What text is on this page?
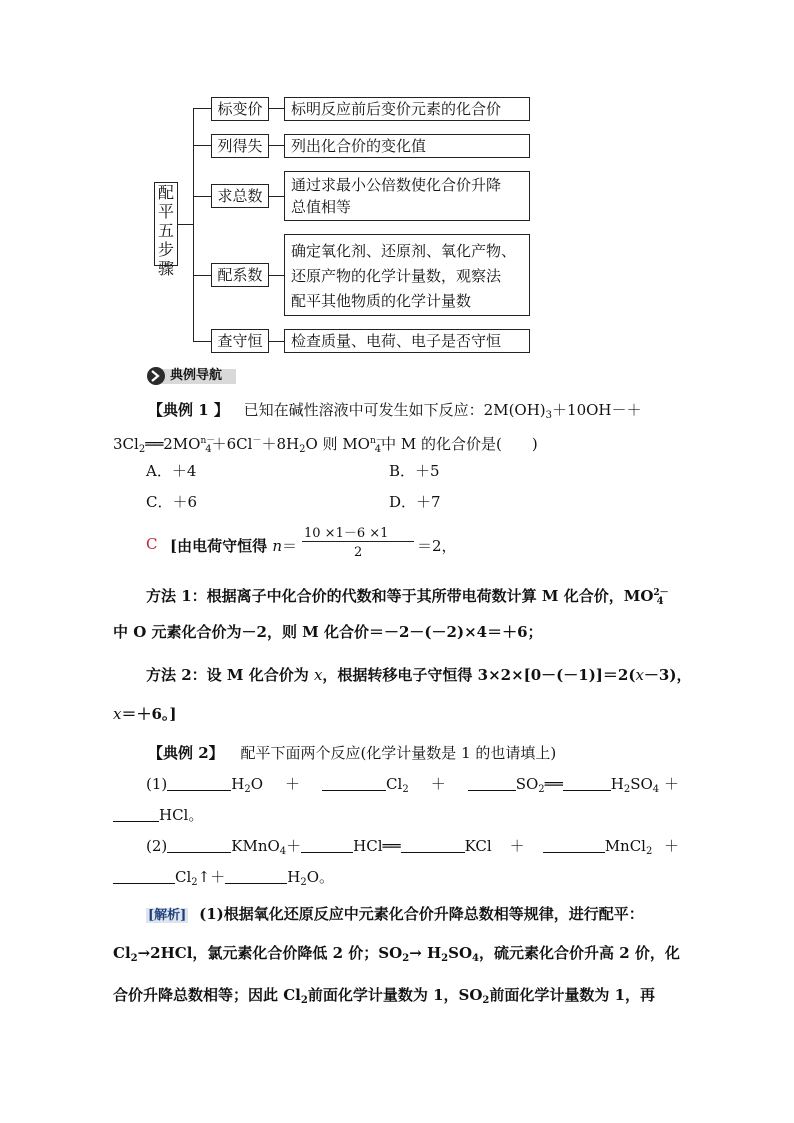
配
平
五
步
骤
标变价
列得失
求总数
配系数
查守恒
标明反应前后变价元素的化合价
列出化合价的变化值
通过求最小公倍数使化合价升降
总值相等
确定氧化剂、还原剂、氧化产物、
还原产物的化学计量数，观察法
配平其他物质的化学计量数
检查质量、电荷、电子是否守恒
典例导航
【典例 1 】 已知在碱性溶液中可发生如下反应：$2M(OH)_3+10OH-+$
$3Cl_2══2MO^{n-}_4+6Cl^-+8H_2O$ 则 $MO^{n-}_4$中 M 的化合价是(　　)
A．＋4	B．＋5
C．＋6	D．＋7
C [由电荷守恒得 n＝
10 ×1－6 ×1
2	＝2，
方法 1：根据离子中化合价的代数和等于其所带电荷数计算 M 化合价，$MO^{2-}_4$
中 O 元素化合价为－2，则 M 化合价＝－2－(－2)×4＝＋6；
方法 2：设 M 化合价为 x，根据转移电子守恒得 3×2×[0－(－1)]＝2(x－3)，
x＝＋6。]
【典例 2】 配平下面两个反应(化学计量数是 1 的也请填上)
(1)	$H_2O$ ＋	$Cl_2$ ＋	$SO_2══$	$H_2SO_4$ ＋
HCl。
(2)	KMnO$_4$＋	HCl══	KCl ＋	MnCl$_2$ ＋
$Cl_2↑+$	$H_2O$。
[解析] (1)根据氧化还原反应中元素化合价升降总数相等规律，进行配平：
$Cl_2\to 2HCl$，氯元素化合价降低 2 价；$SO_2\to H_2SO_4$，硫元素化合价升高 2 价，化
合价升降总数相等；因此 $Cl_2$前面化学计量数为 1，$SO_2$前面化学计量数为 1，再
